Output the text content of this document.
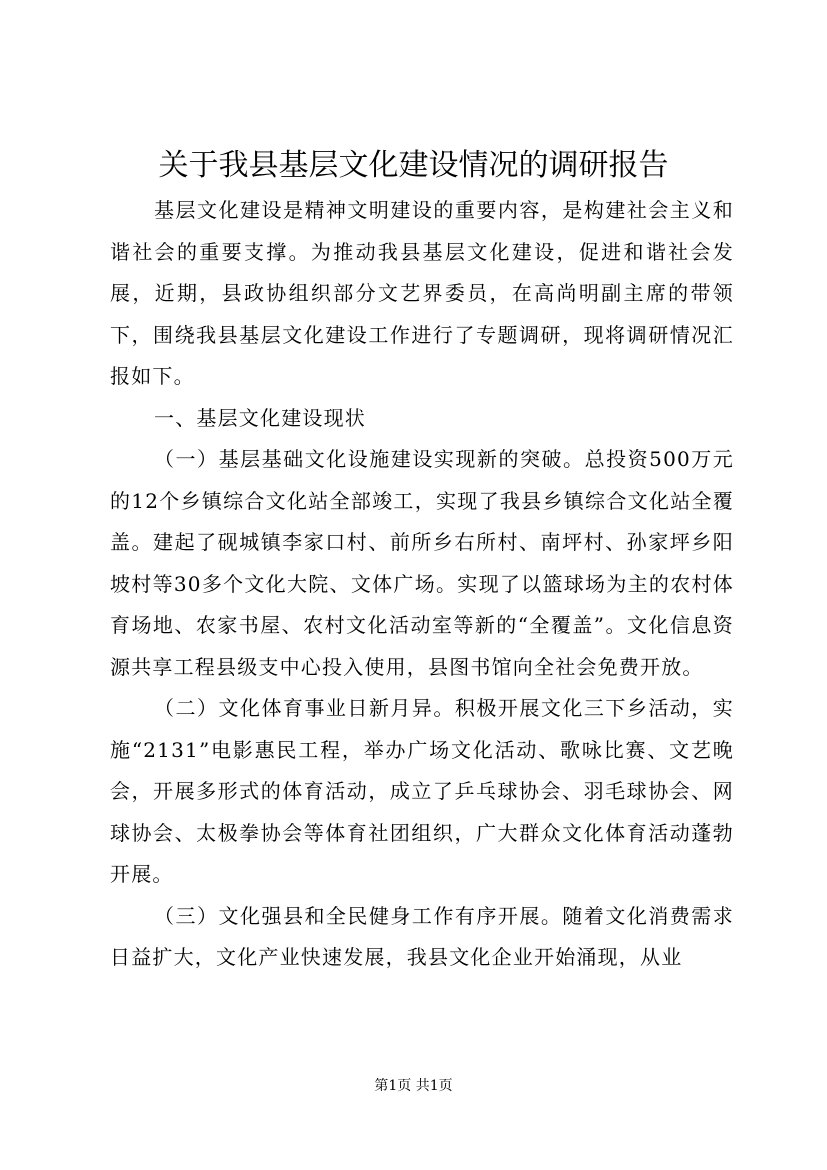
关于我县基层文化建设情况的调研报告

基层文化建设是精神文明建设的重要内容，是构建社会主义和谐社会的重要支撑。为推动我县基层文化建设，促进和谐社会发展，近期，县政协组织部分文艺界委员，在高尚明副主席的带领下，围绕我县基层文化建设工作进行了专题调研，现将调研情况汇报如下。

一、基层文化建设现状

（一）基层基础文化设施建设实现新的突破。总投资500万元的12个乡镇综合文化站全部竣工，实现了我县乡镇综合文化站全覆盖。建起了砚城镇李家口村、前所乡右所村、南坪村、孙家坪乡阳坡村等30多个文化大院、文体广场。实现了以篮球场为主的农村体育场地、农家书屋、农村文化活动室等新的“全覆盖”。文化信息资源共享工程县级支中心投入使用，县图书馆向全社会免费开放。

（二）文化体育事业日新月异。积极开展文化三下乡活动，实施“2131”电影惠民工程，举办广场文化活动、歌咏比赛、文艺晚会，开展多形式的体育活动，成立了乒乓球协会、羽毛球协会、网球协会、太极拳协会等体育社团组织，广大群众文化体育活动蓬勃开展。

（三）文化强县和全民健身工作有序开展。随着文化消费需求日益扩大，文化产业快速发展，我县文化企业开始涌现，从业

第1页 共1页
